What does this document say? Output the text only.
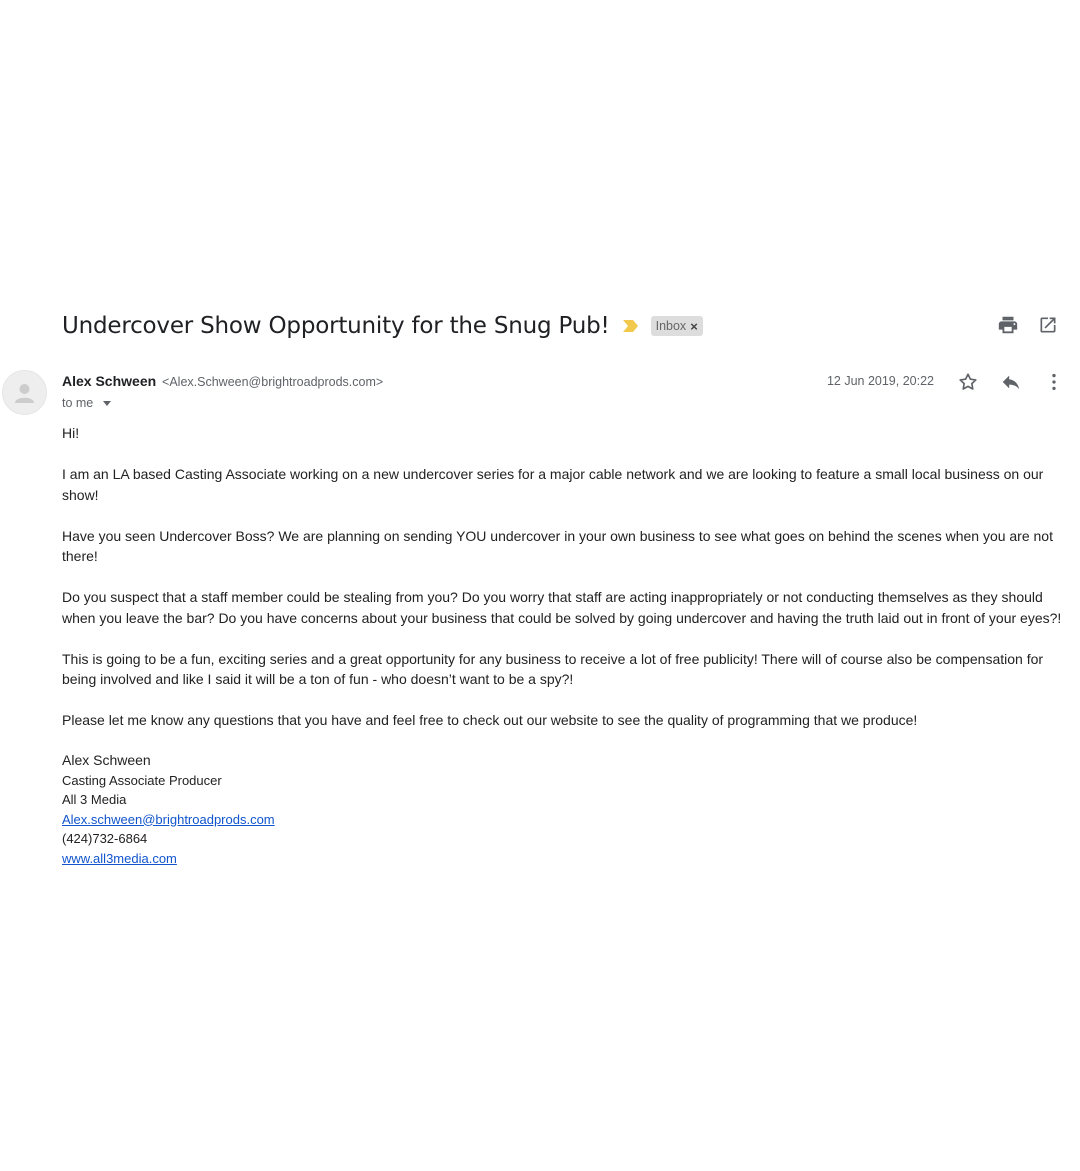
Undercover Show Opportunity for the Snug Pub!	Inbox ×
Alex Schween <Alex.Schween@brightroadprods.com>
to me
12 Jun 2019, 20:22

Hi!

I am an LA based Casting Associate working on a new undercover series for a major cable network and we are looking to feature a small local business on our show!

Have you seen Undercover Boss? We are planning on sending YOU undercover in your own business to see what goes on behind the scenes when you are not there!

Do you suspect that a staff member could be stealing from you? Do you worry that staff are acting inappropriately or not conducting themselves as they should when you leave the bar? Do you have concerns about your business that could be solved by going undercover and having the truth laid out in front of your eyes?!

This is going to be a fun, exciting series and a great opportunity for any business to receive a lot of free publicity! There will of course also be compensation for being involved and like I said it will be a ton of fun - who doesn’t want to be a spy?!

Please let me know any questions that you have and feel free to check out our website to see the quality of programming that we produce!

Alex Schween
Casting Associate Producer
All 3 Media
Alex.schween@brightroadprods.com
(424)732-6864
www.all3media.com
